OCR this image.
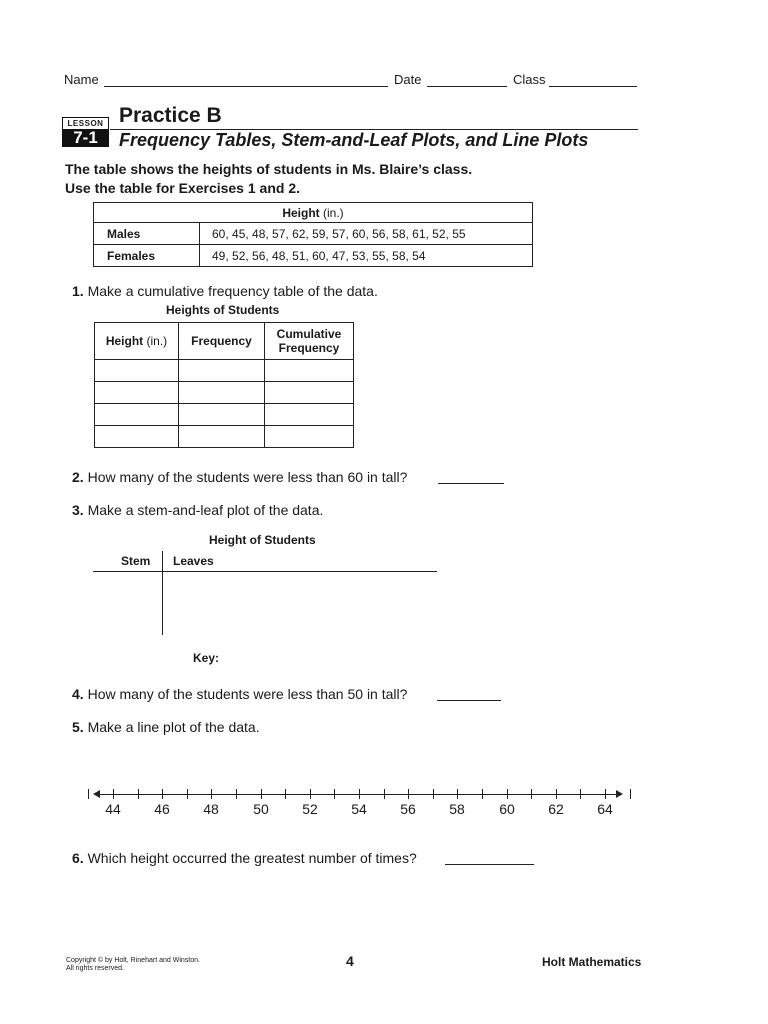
Name	Date	Class
LESSON
7-1
Practice B
Frequency Tables, Stem-and-Leaf Plots, and Line Plots
The table shows the heights of students in Ms. Blaire’s class.
Use the table for Exercises 1 and 2.
Height (in.)	
Males	60, 45, 48, 57, 62, 59, 57, 60, 56, 58, 61, 52, 55
Females	49, 52, 56, 48, 51, 60, 47, 53, 55, 58, 54
1. Make a cumulative frequency table of the data.
Heights of Students
Height (in.)	Frequency	Cumulative
Frequency

2. How many of the students were less than 60 in tall?
3. Make a stem-and-leaf plot of the data.
Height of Students
Stem Leaves
Key:
4. How many of the students were less than 50 in tall?
5. Make a line plot of the data.
44	46	48	50	52	54	56	58	60	62	64
6. Which height occurred the greatest number of times?
Copyright © by Holt, Rinehart and Winston.
All rights reserved.	4	Holt Mathematics
